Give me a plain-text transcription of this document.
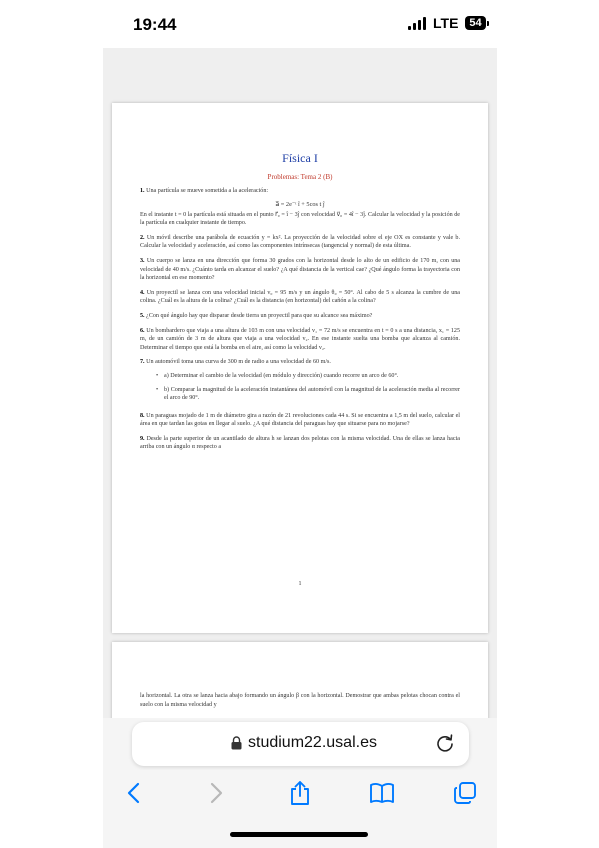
19:44	LTE	54
Física I
Problemas: Tema 2 (B)
1. Una partícula se mueve sometida a la aceleración:
a⃗ = 2e⁻ᵗ î + 5cos t ĵ
En el instante t = 0 la partícula está situada en el punto r⃗₀ = î − 3ĵ con velocidad v⃗₀ = 4î − 3ĵ. Calcular la velocidad y la posición de la partícula en cualquier instante de tiempo.
2. Un móvil describe una parábola de ecuación y = kx². La proyección de la velocidad sobre el eje OX es constante y vale b. Calcular la velocidad y aceleración, así como las componentes intrínsecas (tangencial y normal) de esta última.
3. Un cuerpo se lanza en una dirección que forma 30 grados con la horizontal desde lo alto de un edificio de 170 m, con una velocidad de 40 m/s. ¿Cuánto tarda en alcanzar el suelo? ¿A qué distancia de la vertical cae? ¿Qué ángulo forma la trayectoria con la horizontal en ese momento?
4. Un proyectil se lanza con una velocidad inicial v₀ = 95 m/s y un ángulo θ₀ = 50°. Al cabo de 5 s alcanza la cumbre de una colina. ¿Cuál es la altura de la colina? ¿Cuál es la distancia (en horizontal) del cañón a la colina?
5. ¿Con qué ángulo hay que disparar desde tierra un proyectil para que su alcance sea máximo?
6. Un bombardero que viaja a una altura de 103 m con una velocidad v₁ = 72 m/s se encuentra en t = 0 s a una distancia, x₁ = 125 m, de un camión de 3 m de altura que viaja a una velocidad v₂. En ese instante suelta una bomba que alcanza al camión. Determinar el tiempo que está la bomba en el aire, así como la velocidad v₂.
7. Un automóvil toma una curva de 300 m de radio a una velocidad de 60 m/s.
• a) Determinar el cambio de la velocidad (en módulo y dirección) cuando recorre un arco de 60°.
• b) Comparar la magnitud de la aceleración instantánea del automóvil con la magnitud de la aceleración media al recorrer el arco de 90°.
8. Un paraguas mojado de 1 m de diámetro gira a razón de 21 revoluciones cada 44 s. Si se encuentra a 1,5 m del suelo, calcular el área en que tardan las gotas en llegar al suelo. ¿A qué distancia del paraguas hay que situarse para no mojarse?
9. Desde la parte superior de un acantilado de altura h se lanzan dos pelotas con la misma velocidad. Una de ellas se lanza hacia arriba con un ángulo α respecto a
1
la horizontal. La otra se lanza hacia abajo formando un ángulo β con la horizontal. Demostrar que ambas pelotas chocan contra el suelo con la misma velocidad y
studium22.usal.es
